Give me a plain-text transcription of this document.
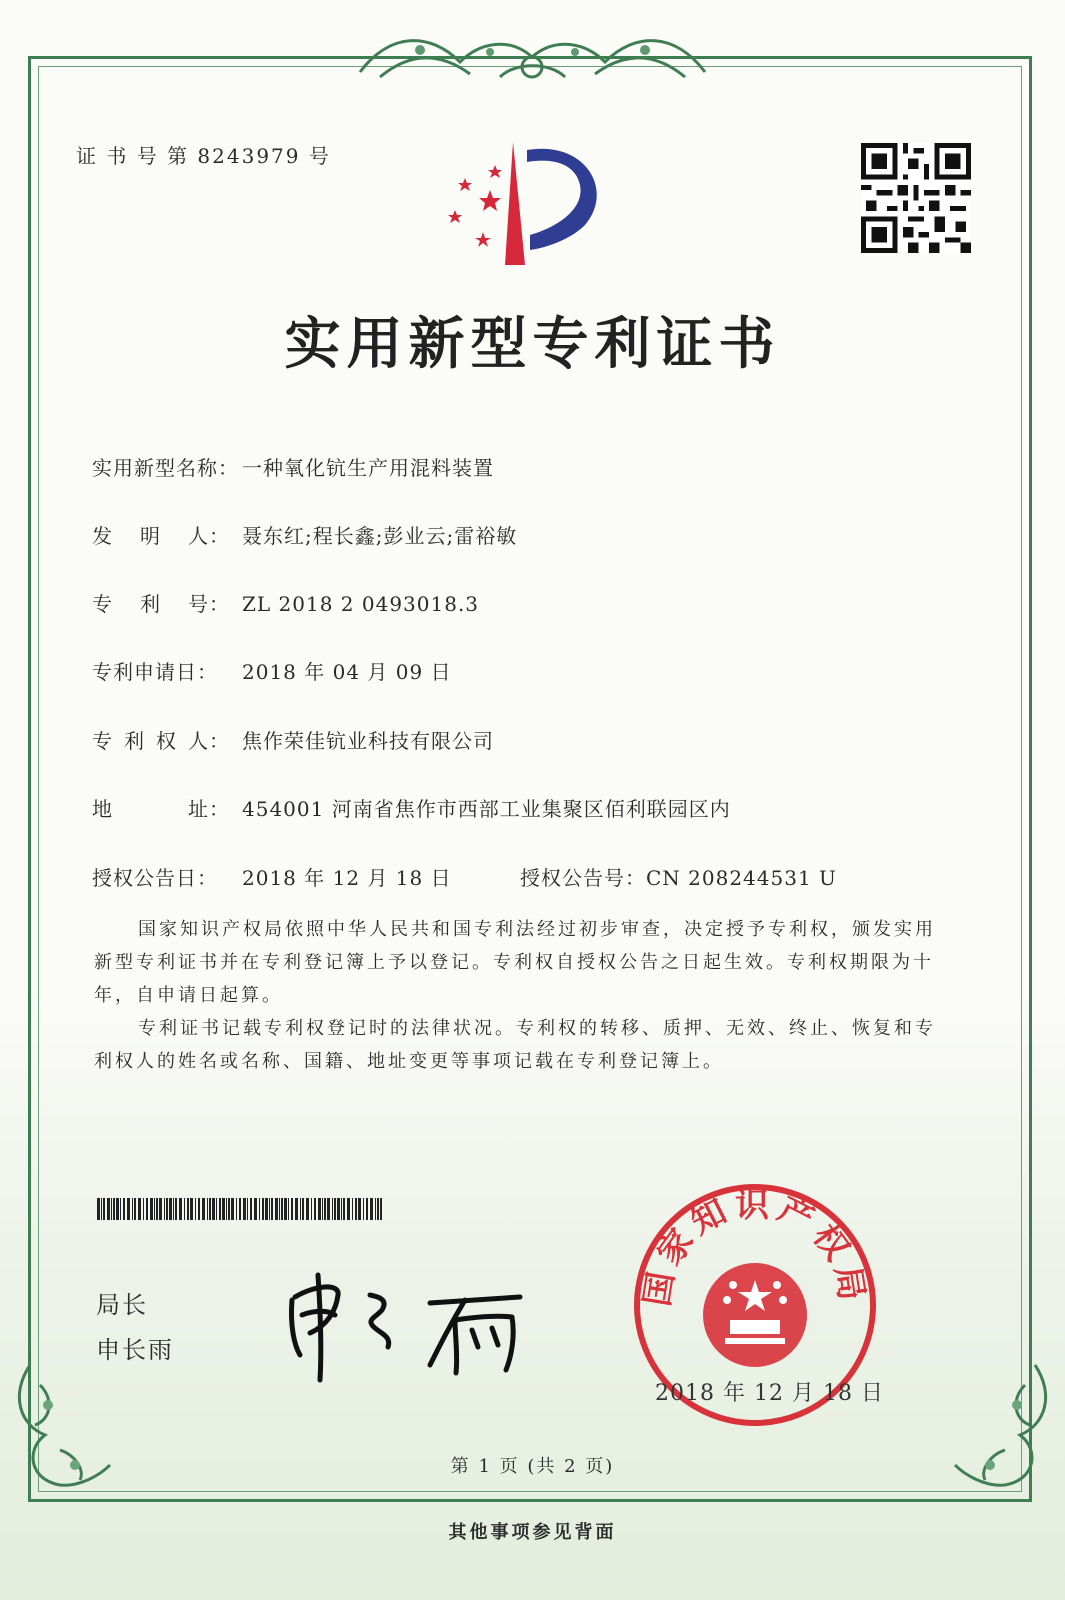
证 书 号 第 8243979 号
实用新型专利证书
实用新型名称： 一种氧化钪生产用混料装置
发 明 人： 聂东红;程长鑫;彭业云;雷裕敏
专 利 号： ZL 2018 2 0493018.3
专利申请日： 2018 年 04 月 09 日
专 利 权 人： 焦作荣佳钪业科技有限公司
地	址： 454001 河南省焦作市西部工业集聚区佰利联园区内
授权公告日： 2018 年 12 月 18 日	授权公告号：CN 208244531 U
国家知识产权局依照中华人民共和国专利法经过初步审查，决定授予专利权，颁发实用新型专利证书并在专利登记簿上予以登记。专利权自授权公告之日起生效。专利权期限为十年，自申请日起算。
专利证书记载专利权登记时的法律状况。专利权的转移、质押、无效、终止、恢复和专利权人的姓名或名称、国籍、地址变更等事项记载在专利登记簿上。
局长
申长雨
国家知识产权局
2018 年 12 月 18 日
第 1 页 (共 2 页)
其他事项参见背面
